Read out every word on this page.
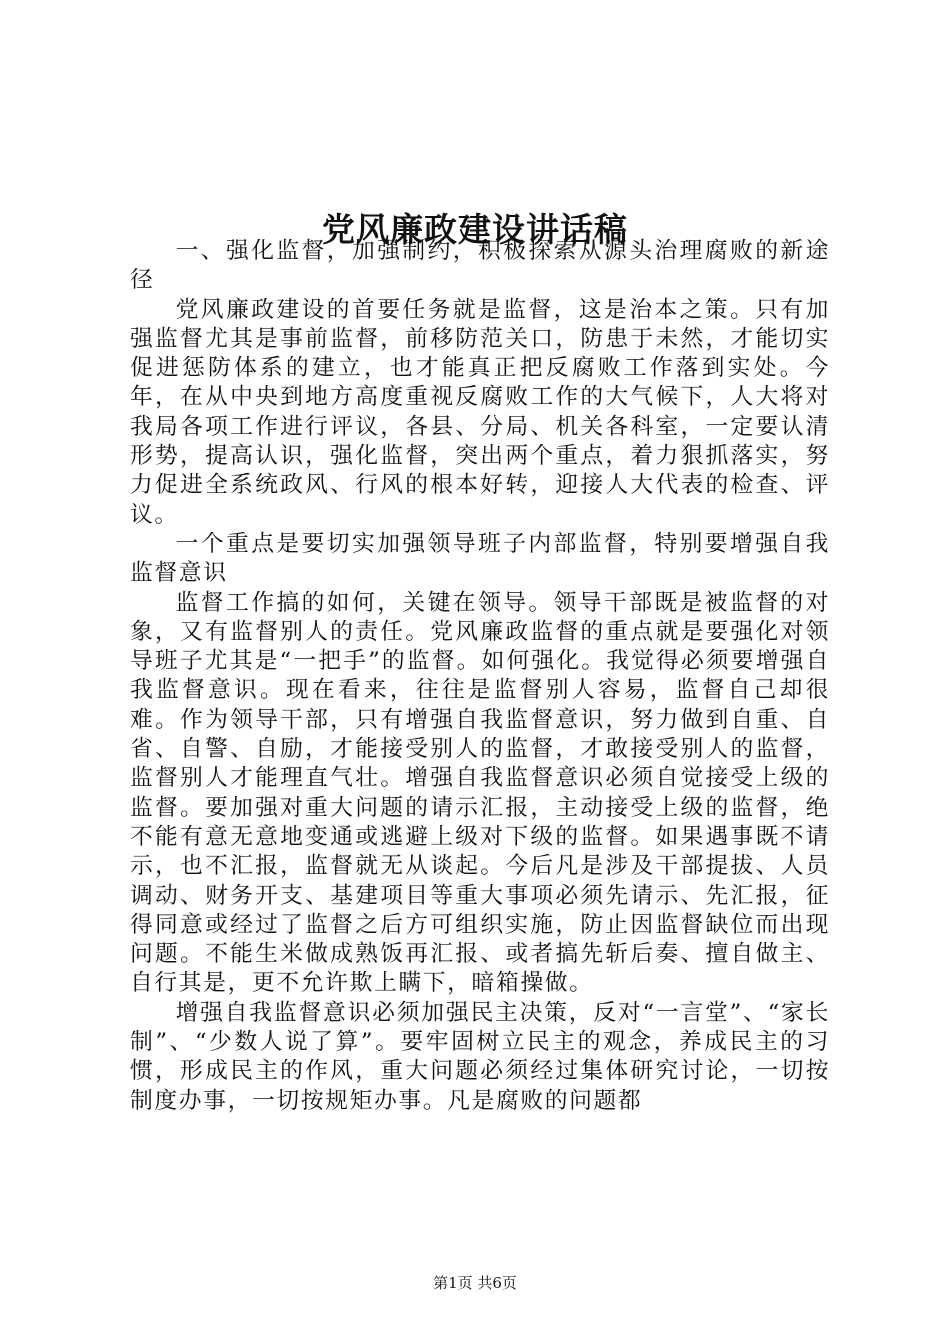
党风廉政建设讲话稿

一、强化监督，加强制约，积极探索从源头治理腐败的新途径

党风廉政建设的首要任务就是监督，这是治本之策。只有加强监督尤其是事前监督，前移防范关口，防患于未然，才能切实促进惩防体系的建立，也才能真正把反腐败工作落到实处。今年，在从中央到地方高度重视反腐败工作的大气候下，人大将对我局各项工作进行评议，各县、分局、机关各科室，一定要认清形势，提高认识，强化监督，突出两个重点，着力狠抓落实，努力促进全系统政风、行风的根本好转，迎接人大代表的检查、评议。

一个重点是要切实加强领导班子内部监督，特别要增强自我监督意识

监督工作搞的如何，关键在领导。领导干部既是被监督的对象，又有监督别人的责任。党风廉政监督的重点就是要强化对领导班子尤其是“一把手”的监督。如何强化。我觉得必须要增强自我监督意识。现在看来，往往是监督别人容易，监督自己却很难。作为领导干部，只有增强自我监督意识，努力做到自重、自省、自警、自励，才能接受别人的监督，才敢接受别人的监督，监督别人才能理直气壮。增强自我监督意识必须自觉接受上级的监督。要加强对重大问题的请示汇报，主动接受上级的监督，绝不能有意无意地变通或逃避上级对下级的监督。如果遇事既不请示，也不汇报，监督就无从谈起。今后凡是涉及干部提拔、人员调动、财务开支、基建项目等重大事项必须先请示、先汇报，征得同意或经过了监督之后方可组织实施，防止因监督缺位而出现问题。不能生米做成熟饭再汇报、或者搞先斩后奏、擅自做主、自行其是，更不允许欺上瞒下，暗箱操做。

增强自我监督意识必须加强民主决策，反对“一言堂”、“家长制”、“少数人说了算”。要牢固树立民主的观念，养成民主的习惯，形成民主的作风，重大问题必须经过集体研究讨论，一切按制度办事，一切按规矩办事。凡是腐败的问题都

第1页 共6页
